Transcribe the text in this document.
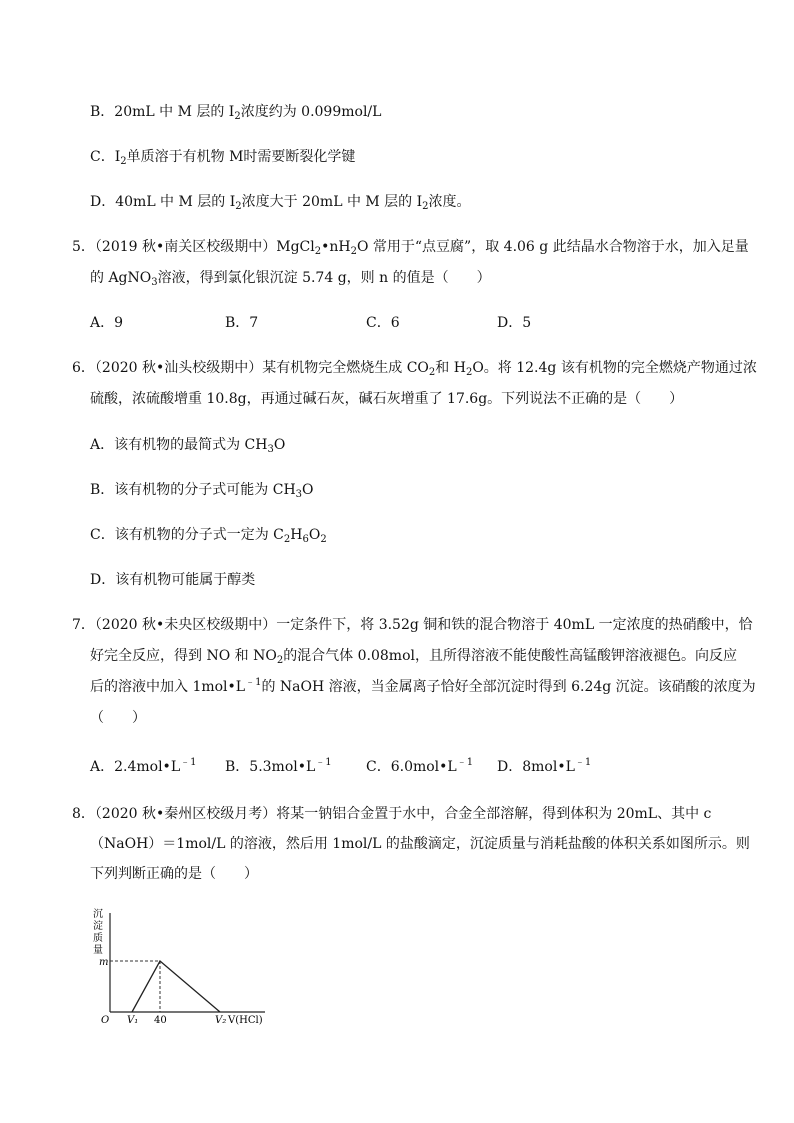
B．20mL 中 M 层的 $I_2$浓度约为 0.099mol/L
C．$I_2$单质溶于有机物 M时需要断裂化学键
D．40mL 中 M 层的 $I_2$浓度大于 20mL 中 M 层的 $I_2$浓度。
5．（2019 秋•南关区校级期中）$MgCl_2•nH_2O$ 常用于“点豆腐”，取 4.06 g 此结晶水合物溶于水，加入足量
的 AgNO$_3$溶液，得到氯化银沉淀 5.74 g，则 n 的值是（　　）
A．9	B．7	C．6	D．5
6．（2020 秋•汕头校级期中）某有机物完全燃烧生成 $CO_2$和 $H_2O$。将 12.4g 该有机物的完全燃烧产物通过浓
硫酸，浓硫酸增重 10.8g，再通过碱石灰，碱石灰增重了 17.6g。下列说法不正确的是（　　）
A．该有机物的最简式为 $CH_3O$
B．该有机物的分子式可能为 $CH_3O$
C．该有机物的分子式一定为 $C_2H_6O_2$
D．该有机物可能属于醇类
7．（2020 秋•未央区校级期中）一定条件下，将 3.52g 铜和铁的混合物溶于 40mL 一定浓度的热硝酸中，恰
好完全反应，得到 NO 和 $NO_2$的混合气体 0.08mol，且所得溶液不能使酸性高锰酸钾溶液褪色。向反应
后的溶液中加入 $1mol•L^{﹣1}$的 NaOH 溶液，当金属离子恰好全部沉淀时得到 6.24g 沉淀。该硝酸的浓度为
（　　）
A．$2.4mol•L^{﹣1}$ B．$5.3mol•L^{﹣1}$ C．$6.0mol•L^{﹣1}$ D．$8mol•L^{﹣1}$
8．（2020 秋•秦州区校级月考）将某一钠铝合金置于水中，合金全部溶解，得到体积为 20mL、其中 c
（NaOH）＝1mol/L 的溶液，然后用 1mol/L 的盐酸滴定，沉淀质量与消耗盐酸的体积关系如图所示。则
下列判断正确的是（　　）
沉
淀
质
量
m
O V₁ 40	V₂ V(HCl)
